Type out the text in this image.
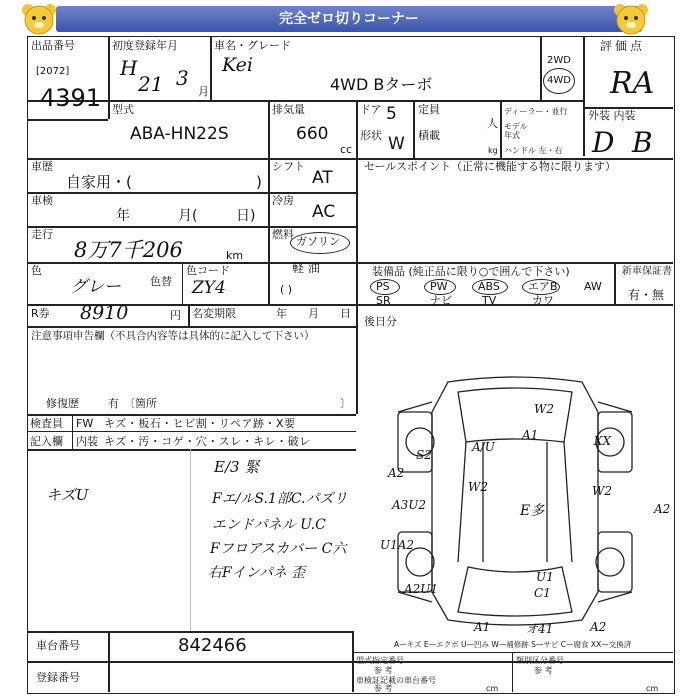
完全ゼロ切りコーナー
出品番号
[2072]
4391
初度登録年月
H
21 3
月
車名・グレード
Kei
4WD Bターボ
2WD
4WD
評価点
RA
外装 内装
D B
型式
ABA-HN22S
排気量
660
cc
ドア 5
形状 W
定員
人
積載
kg
ディーラー・並行
モデル年式
ハンドル 左・右
車歴
自家用・(	)
シフト
AT
セールスポイント（正常に機能する物に限ります）
車検
年	月(	日)
冷房
AC
走行
8万7千206	km
燃料
ガソリン
軽 油
( )
色
グレー	色替
色コード
ZY4
装備品 (純正品に限り○で囲んで下さい)	新車保証書
有・無
PS	PW	ABS	エアB AW
SR	ナビ	TV	カワ
R券 8910	円 名変期限	年 月 日
後日分
注意事項申告欄（不具合内容等は具体的に記入して下さい）
修復歴	有 〔箇所	〕
検査員 FW キズ・板石・ヒビ割・リペア跡・X要
記入欄 内装 キズ・汚・コゲ・穴・スレ・キレ・破レ
キズU
E/3 緊
Fエ/ルS.1部C.パズリ
エンドパネル U.C
Fフロアスカバー C六
右Fインパネ 歪
W2
A1
A/U
S2
A2
A3U2
W2
E多
W2
A2
U1A2
U1
C1
A2U1
A1	オ41	A2
XX
車台番号	842466
登録番号
A—キズ E—エクボ U—凹み W—補修跡 S—サビ C—腐食 XX—交換済
型式指定番号
参 考
類別区分番号
参 考
車検証記載の車台番号
参 考	cm	cm
